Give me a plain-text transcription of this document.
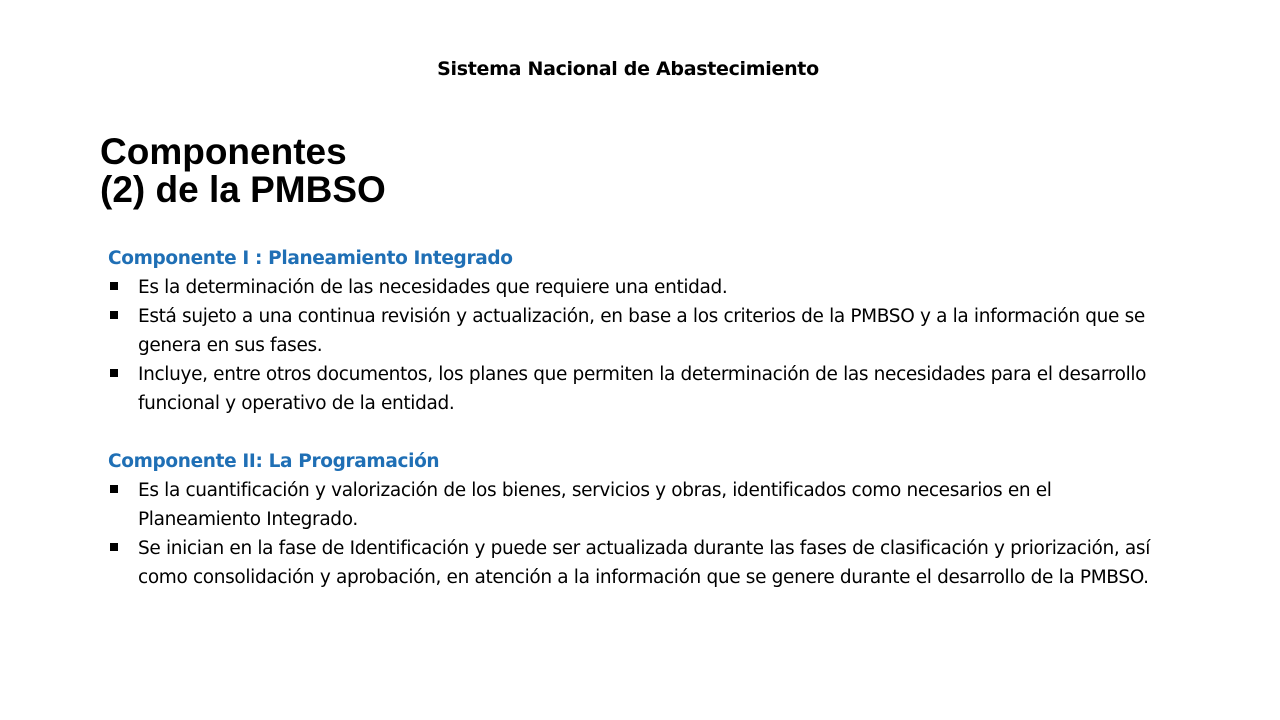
Sistema Nacional de Abastecimiento
Componentes
(2) de la PMBSO

Componente I : Planeamiento Integrado

Es la determinación de las necesidades que requiere una entidad.
Está sujeto a una continua revisión y actualización, en base a los criterios de la PMBSO y a la información que se genera en sus fases.
Incluye, entre otros documentos, los planes que permiten la determinación de las necesidades para el desarrollo funcional y operativo de la entidad.

Componente II: La Programación

Es la cuantificación y valorización de los bienes, servicios y obras, identificados como necesarios en el Planeamiento Integrado.
Se inician en la fase de Identificación y puede ser actualizada durante las fases de clasificación y priorización, así como consolidación y aprobación, en atención a la información que se genere durante el desarrollo de la PMBSO.
